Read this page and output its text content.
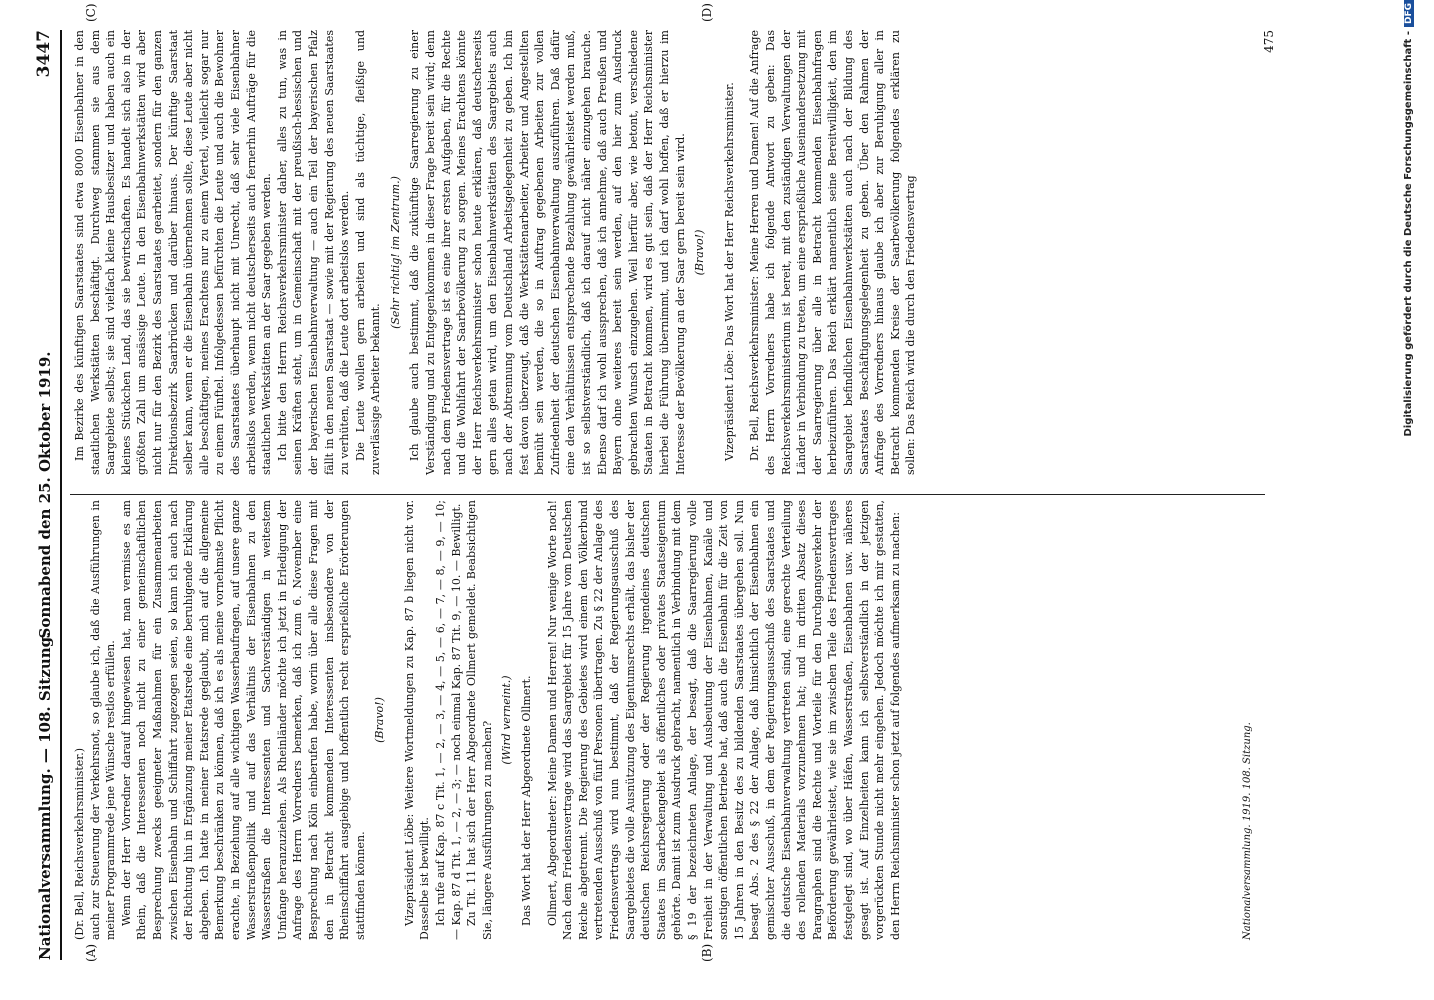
Nationalversammlung. — 108. Sitzung.
Sonnabend den 25. Oktober 1919.
3447
(A)	(B)
(C)	(D)

(Dr. Bell, Reichsverkehrsminister.) auch zur Steuerung der Verkehrsnot, so glaube ich, daß die Ausführungen in meiner Programmrede jene Wünsche restlos erfüllen. Wenn der Herr Vorredner darauf hingewiesen hat, man vermisse es am Rhein, daß die Interessenten noch nicht zu einer gemeinschaftlichen Besprechung zwecks geeigneter Maßnahmen für ein Zusammenarbeiten zwischen Eisenbahn und Schiffahrt zugezogen seien, so kann ich auch nach der Richtung hin in Ergänzung meiner Etatsrede eine beruhigende Erklärung abgeben. Ich hatte in meiner Etatsrede geglaubt, mich auf die allgemeine Bemerkung beschränken zu können, daß ich es als meine vornehmste Pflicht erachte, in Beziehung auf alle wichtigen Wasserbaufragen, auf unsere ganze Wasserstraßenpolitik und auf das Verhältnis der Eisenbahnen zu den Wasserstraßen die Interessenten und Sachverständigen in weitestem Umfange heranzuziehen. Als Rheinländer möchte ich jetzt in Erledigung der Anfrage des Herrn Vorredners bemerken, daß ich zum 6. November eine Besprechung nach Köln einberufen habe, worin über alle diese Fragen mit den in Betracht kommenden Interessenten insbesondere von der Rheinschiffahrt ausgiebige und hoffentlich recht ersprießliche Erörterungen stattfinden können.

(Bravo!) Vizepräsident Löbe: Weitere Wortmeldungen zu Kap. 87 b liegen nicht vor. Dasselbe ist bewilligt. Ich rufe auf Kap. 87 c Tit. 1, — 2, — 3, — 4, — 5, — 6, — 7, — 8, — 9, — 10; — Kap. 87 d Tit. 1, — 2, — 3; — noch einmal Kap. 87 Tit. 9, — 10. — Bewilligt. Zu Tit. 11 hat sich der Herr Abgeordnete Ollmert gemeldet. Beabsichtigen Sie, längere Ausführungen zu machen?

(Wird verneint.) Das Wort hat der Herr Abgeordnete Ollmert. Ollmert, Abgeordneter: Meine Damen und Herren! Nur wenige Worte noch! Nach dem Friedensvertrage wird das Saargebiet für 15 Jahre vom Deutschen Reiche abgetrennt. Die Regierung des Gebietes wird einem den Völkerbund vertretenden Ausschuß von fünf Personen übertragen. Zu § 22 der Anlage des Friedensvertrags wird nun bestimmt, daß der Regierungsausschuß des Saargebietes die volle Ausnützung des Eigentumsrechts erhält, das bisher der deutschen Reichsregierung oder der Regierung irgendeines deutschen Staates im Saarbeckengebiet als öffentliches oder privates Staatseigentum gehörte. Damit ist zum Ausdruck gebracht, namentlich in Verbindung mit dem § 19 der bezeichneten Anlage, der besagt, daß die Saarregierung volle Freiheit in der Verwaltung und Ausbeutung der Eisenbahnen, Kanäle und sonstigen öffentlichen Betriebe hat, daß auch die Eisenbahn für die Zeit von 15 Jahren in den Besitz des zu bildenden Saarstaates übergehen soll. Nun besagt Abs. 2 des § 22 der Anlage, daß hinsichtlich der Eisenbahnen ein gemischter Ausschuß, in dem der Regierungsausschuß des Saarstaates und die deutsche Eisenbahnverwaltung vertreten sind, eine gerechte Verteilung des rollenden Materials vorzunehmen hat; und im dritten Absatz dieses Paragraphen sind die Rechte und Vorteile für den Durchgangsverkehr der Beförderung gewährleistet, wie sie im zwischen Teile des Friedensvertrages festgelegt sind, wo über Häfen, Wasserstraßen, Eisenbahnen usw. näheres gesagt ist. Auf Einzelheiten kann ich selbstverständlich in der jetzigen vorgerückten Stunde nicht mehr eingehen. Jedoch möchte ich mir gestatten, den Herrn Reichsminister schon jetzt auf folgendes aufmerksam zu machen:	Nationalversammlung. 1919. 108. Sitzung.

Im Bezirke des künftigen Saarstaates sind etwa 8000 Eisenbahner in den staatlichen Werkstätten beschäftigt. Durchweg stammen sie aus dem Saargebiete selbst; sie sind vielfach kleine Hausbesitzer und haben auch ein kleines Stückchen Land, das sie bewirtschaften. Es handelt sich also in der größten Zahl um ansässige Leute. In den Eisenbahnwerkstätten wird aber nicht nur für den Bezirk des Saarstaates gearbeitet, sondern für den ganzen Direktionsbezirk Saarbrücken und darüber hinaus. Der künftige Saarstaat selber kann, wenn er die Eisenbahn übernehmen sollte, diese Leute aber nicht alle beschäftigen, meines Erachtens nur zu einem Viertel, vielleicht sogar nur zu einem Fünftel. Infolgedessen befürchten die Leute und auch die Bewohner des Saarstaates überhaupt nicht mit Unrecht, daß sehr viele Eisenbahner arbeitslos werden, wenn nicht deutscherseits auch fernerhin Aufträge für die staatlichen Werkstätten an der Saar gegeben werden. Ich bitte den Herrn Reichsverkehrsminister daher, alles zu tun, was in seinen Kräften steht, um in Gemeinschaft mit der preußisch-hessischen und der bayerischen Eisenbahnverwaltung — auch ein Teil der bayerischen Pfalz fällt in den neuen Saarstaat — sowie mit der Regierung des neuen Saarstaates zu verhüten, daß die Leute dort arbeitslos werden. Die Leute wollen gern arbeiten und sind als tüchtige, fleißige und zuverlässige Arbeiter bekannt.

(Sehr richtig! im Zentrum.) Ich glaube auch bestimmt, daß die zukünftige Saarregierung zu einer Verständigung und zu Entgegenkommen in dieser Frage bereit sein wird; denn nach dem Friedensvertrage ist es eine ihrer ersten Aufgaben, für die Rechte und die Wohlfahrt der Saarbevölkerung zu sorgen. Meines Erachtens könnte der Herr Reichsverkehrsminister schon heute erklären, daß deutscherseits gern alles getan wird, um den Eisenbahnwerkstätten des Saargebiets auch nach der Abtrennung vom Deutschland Arbeitsgelegenheit zu geben. Ich bin fest davon überzeugt, daß die Werkstättenarbeiter, Arbeiter und Angestellten bemüht sein werden, die so in Auftrag gegebenen Arbeiten zur vollen Zufriedenheit der deutschen Eisenbahnverwaltung auszuführen. Daß dafür eine den Verhältnissen entsprechende Bezahlung gewährleistet werden muß, ist so selbstverständlich, daß ich darauf nicht näher einzugehen brauche. Ebenso darf ich wohl aussprechen, daß ich annehme, daß auch Preußen und Bayern ohne weiteres bereit sein werden, auf den hier zum Ausdruck gebrachten Wunsch einzugehen. Weil hierfür aber, wie betont, verschiedene Staaten in Betracht kommen, wird es gut sein, daß der Herr Reichsminister hierbei die Führung übernimmt, und ich darf wohl hoffen, daß er hierzu im Interesse der Bevölkerung an der Saar gern bereit sein wird. (Bravo!) Vizepräsident Löbe: Das Wort hat der Herr Reichsverkehrsminister. Dr. Bell, Reichsverkehrsminister: Meine Herren und Damen! Auf die Anfrage des Herrn Vorredners habe ich folgende Antwort zu geben: Das Reichsverkehrsministerium ist bereit, mit den zuständigen Verwaltungen der Länder in Verbindung zu treten, um eine ersprießliche Auseinandersetzung mit der Saarregierung über alle in Betracht kommenden Eisenbahnfragen herbeizuführen. Das Reich erklärt namentlich seine Bereitwilligkeit, den im Saargebiet befindlichen Eisenbahnwerkstätten auch nach der Bildung des Saarstaates Beschäftigungsgelegenheit zu geben. Über den Rahmen der Anfrage des Vorredners hinaus glaube ich aber zur Beruhigung aller in Betracht kommenden Kreise der Saarbevölkerung folgendes erklären zu sollen: Das Reich wird die durch den Friedensvertrag

475	Digitalisierung gefördert durch die Deutsche Forschungsgemeinschaft -DFG
